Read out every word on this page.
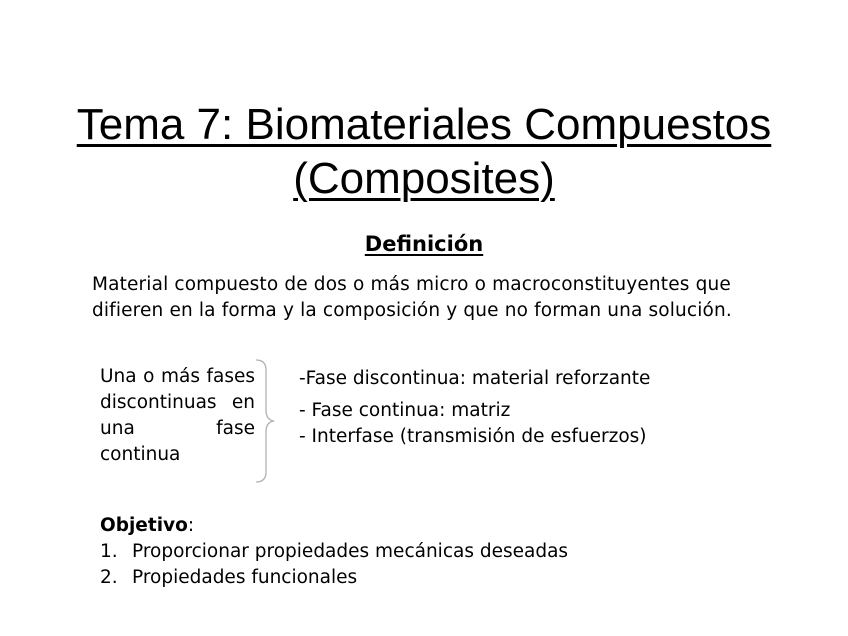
Tema 7: Biomateriales Compuestos
(Composites)
Definición
Material compuesto de dos o más micro o macroconstituyentes que difieren en la forma y la composición y que no forman una solución.
Una o más fases discontinuas en una fase continua
-Fase discontinua: material reforzante
- Fase continua: matriz
- Interfase (transmisión de esfuerzos)
Objetivo:
1. Proporcionar propiedades mecánicas deseadas
2. Propiedades funcionales
